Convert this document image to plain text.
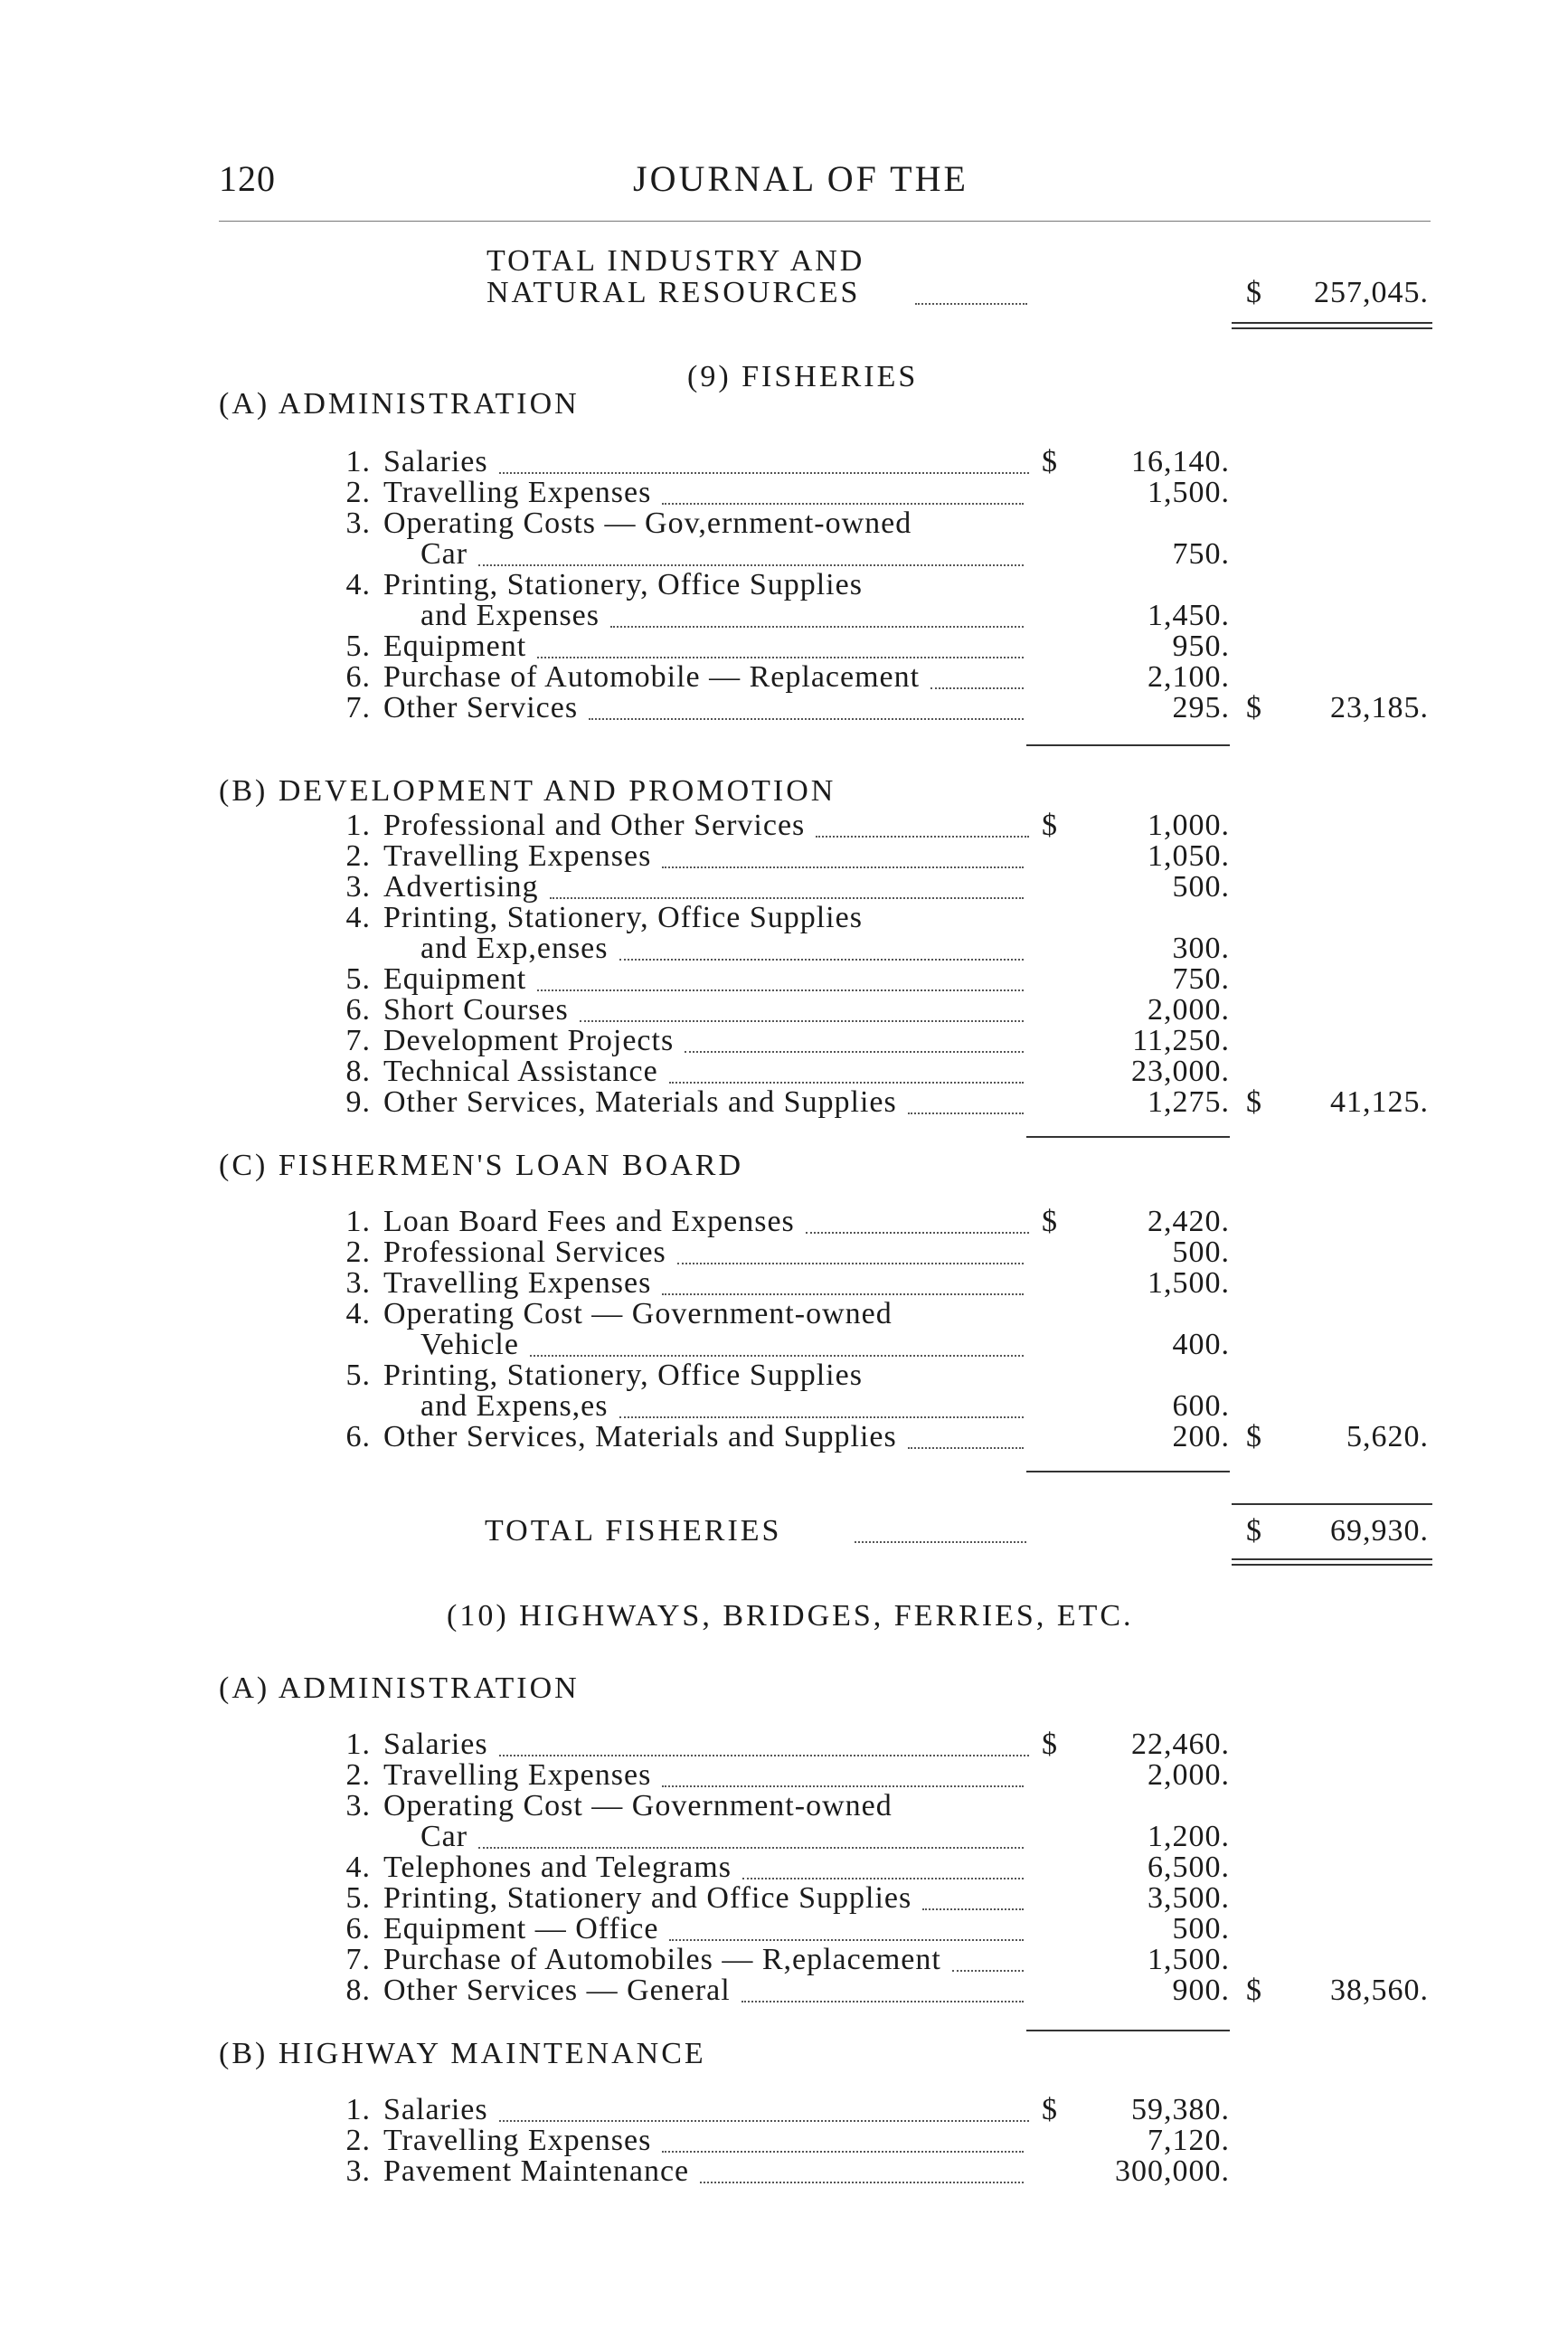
120	JOURNAL OF THE
TOTAL INDUSTRY AND
NATURAL RESOURCES	$	257,045.
(9) FISHERIES
(A) ADMINISTRATION
(B) DEVELOPMENT AND PROMOTION
(C) FISHERMEN'S LOAN BOARD
TOTAL FISHERIES	$	69,930.
(10) HIGHWAYS, BRIDGES, FERRIES, ETC.
(A) ADMINISTRATION
(B) HIGHWAY MAINTENANCE
1. Salaries	$	16,140.
2. Travelling Expenses	1,500.
3. Operating Costs — Gov,ernment-owned
Car	750.
4. Printing, Stationery, Office Supplies
and Expenses	1,450.
5. Equipment	950.
6. Purchase of Automobile — Replacement	2,100.
7. Other Services	295. $	23,185.
1. Professional and Other Services	$	1,000.
2. Travelling Expenses	1,050.
3. Advertising	500.
4. Printing, Stationery, Office Supplies
and Exp,enses	300.
5. Equipment	750.
6. Short Courses	2,000.
7. Development Projects	11,250.
8. Technical Assistance	23,000.
9. Other Services, Materials and Supplies	1,275. $	41,125.
1. Loan Board Fees and Expenses	$	2,420.
2. Professional Services	500.
3. Travelling Expenses	1,500.
4. Operating Cost — Government-owned
Vehicle	400.
5. Printing, Stationery, Office Supplies
and Expens,es	600.
6. Other Services, Materials and Supplies	200. $	5,620.
1. Salaries	$	22,460.
2. Travelling Expenses	2,000.
3. Operating Cost — Government-owned
Car	1,200.
4. Telephones and Telegrams	6,500.
5. Printing, Stationery and Office Supplies	3,500.
6. Equipment — Office	500.
7. Purchase of Automobiles — R,eplacement	1,500.
8. Other Services — General	900. $	38,560.
1. Salaries	$	59,380.
2. Travelling Expenses	7,120.
3. Pavement Maintenance	300,000.
